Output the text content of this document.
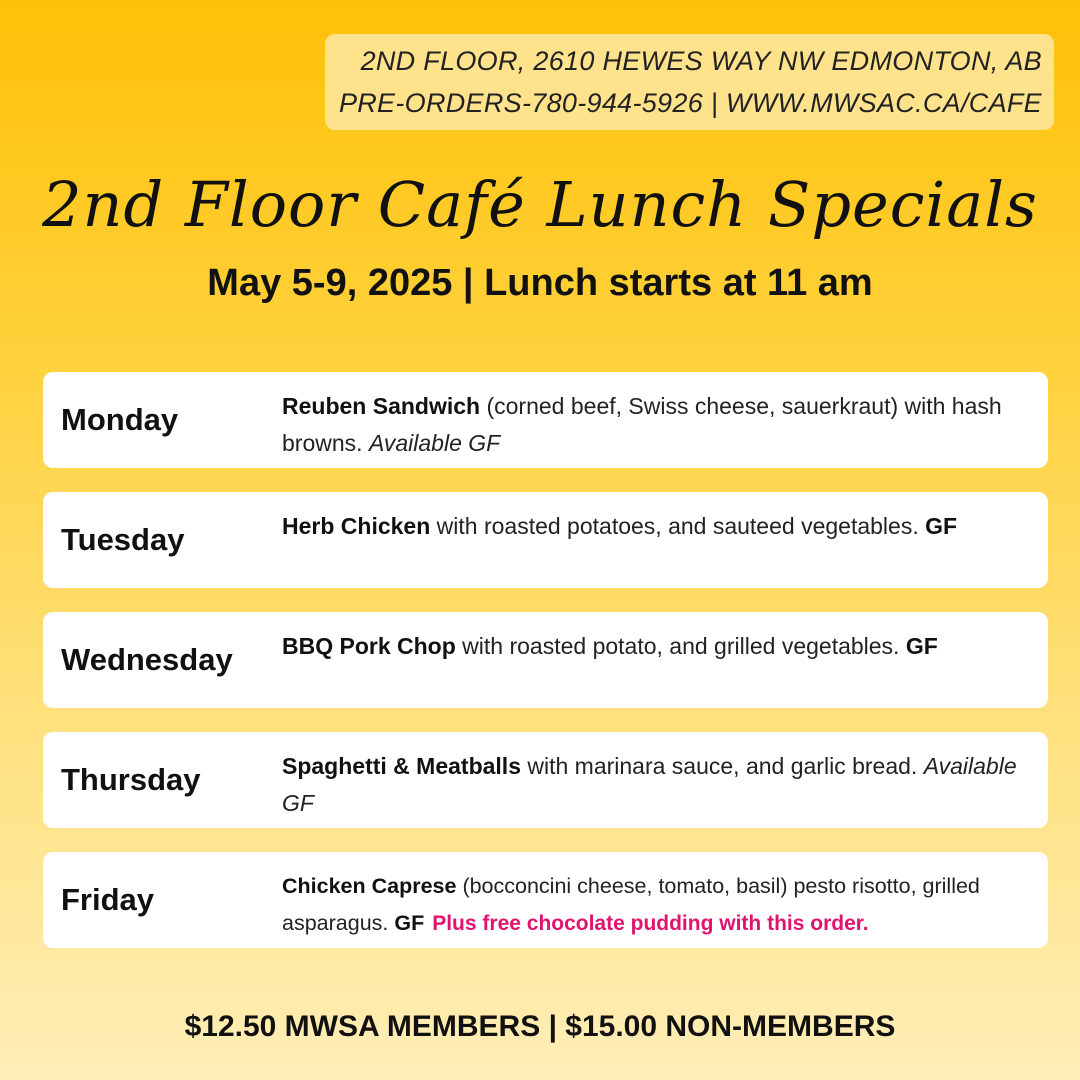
2ND FLOOR, 2610 HEWES WAY NW EDMONTON, AB
PRE-ORDERS-780-944-5926 | WWW.MWSAC.CA/CAFE
2nd Floor Café Lunch Specials
May 5-9, 2025 | Lunch starts at 11 am
Monday	Reuben Sandwich (corned beef, Swiss cheese, sauerkraut) with hash browns. Available GF
Tuesday	Herb Chicken with roasted potatoes, and sauteed vegetables. GF
Wednesday BBQ Pork Chop with roasted potato, and grilled vegetables. GF
Thursday	Spaghetti & Meatballs with marinara sauce, and garlic bread. Available GF
Friday	Chicken Caprese (bocconcini cheese, tomato, basil) pesto risotto, grilled asparagus. GF Plus free chocolate pudding with this order.
$12.50 MWSA MEMBERS | $15.00 NON-MEMBERS
